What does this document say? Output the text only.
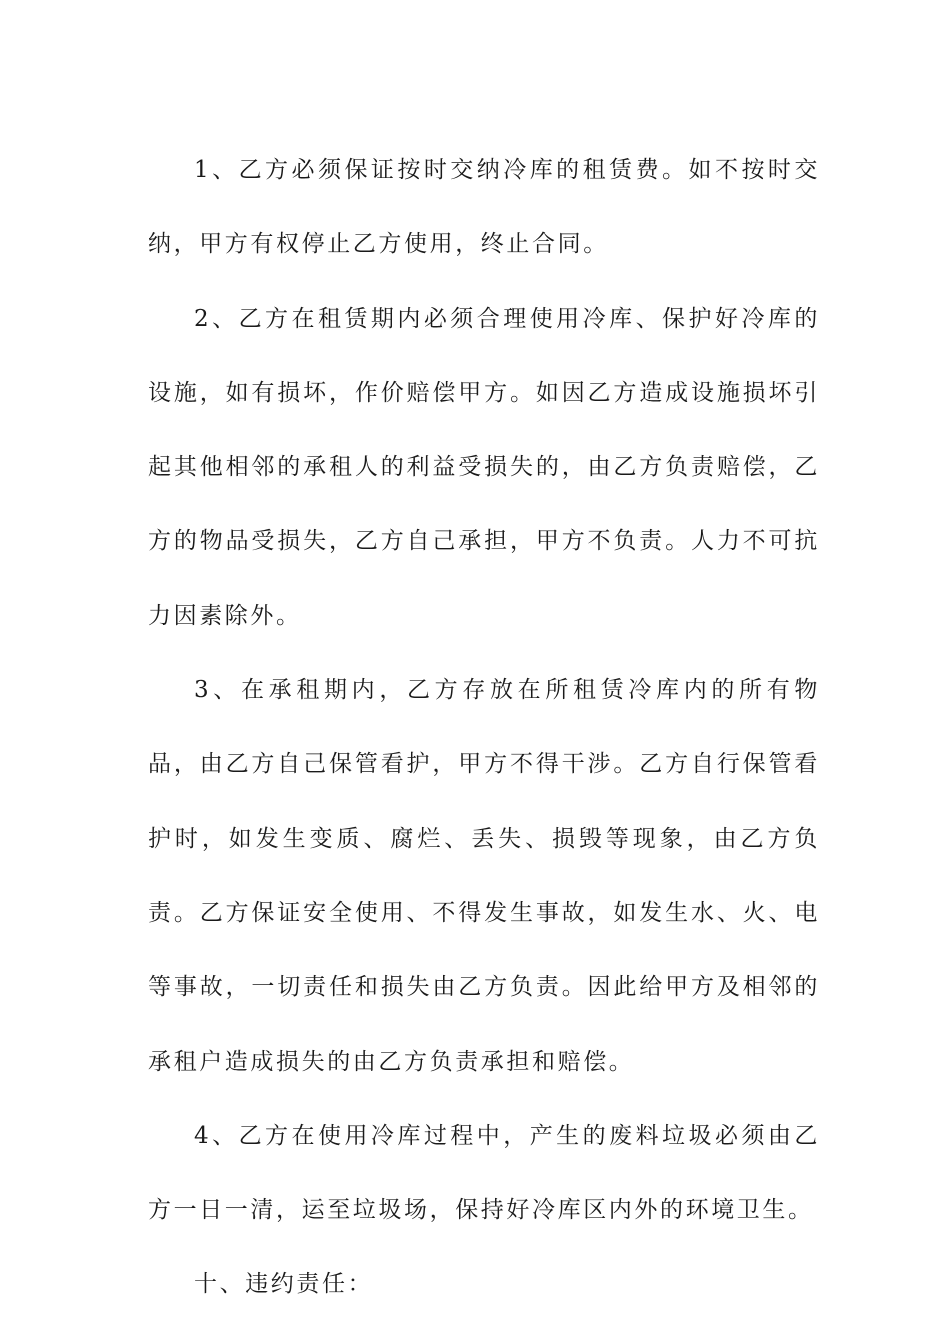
1、乙方必须保证按时交纳冷库的租赁费。如不按时交纳，甲方有权停止乙方使用，终止合同。

2、乙方在租赁期内必须合理使用冷库、保护好冷库的设施，如有损坏，作价赔偿甲方。如因乙方造成设施损坏引起其他相邻的承租人的利益受损失的，由乙方负责赔偿，乙方的物品受损失，乙方自己承担，甲方不负责。人力不可抗力因素除外。

3、在承租期内，乙方存放在所租赁冷库内的所有物品，由乙方自己保管看护，甲方不得干涉。乙方自行保管看护时，如发生变质、腐烂、丢失、损毁等现象，由乙方负责。乙方保证安全使用、不得发生事故，如发生水、火、电等事故，一切责任和损失由乙方负责。因此给甲方及相邻的承租户造成损失的由乙方负责承担和赔偿。

4、乙方在使用冷库过程中，产生的废料垃圾必须由乙方一日一清，运至垃圾场，保持好冷库区内外的环境卫生。

十、违约责任：
